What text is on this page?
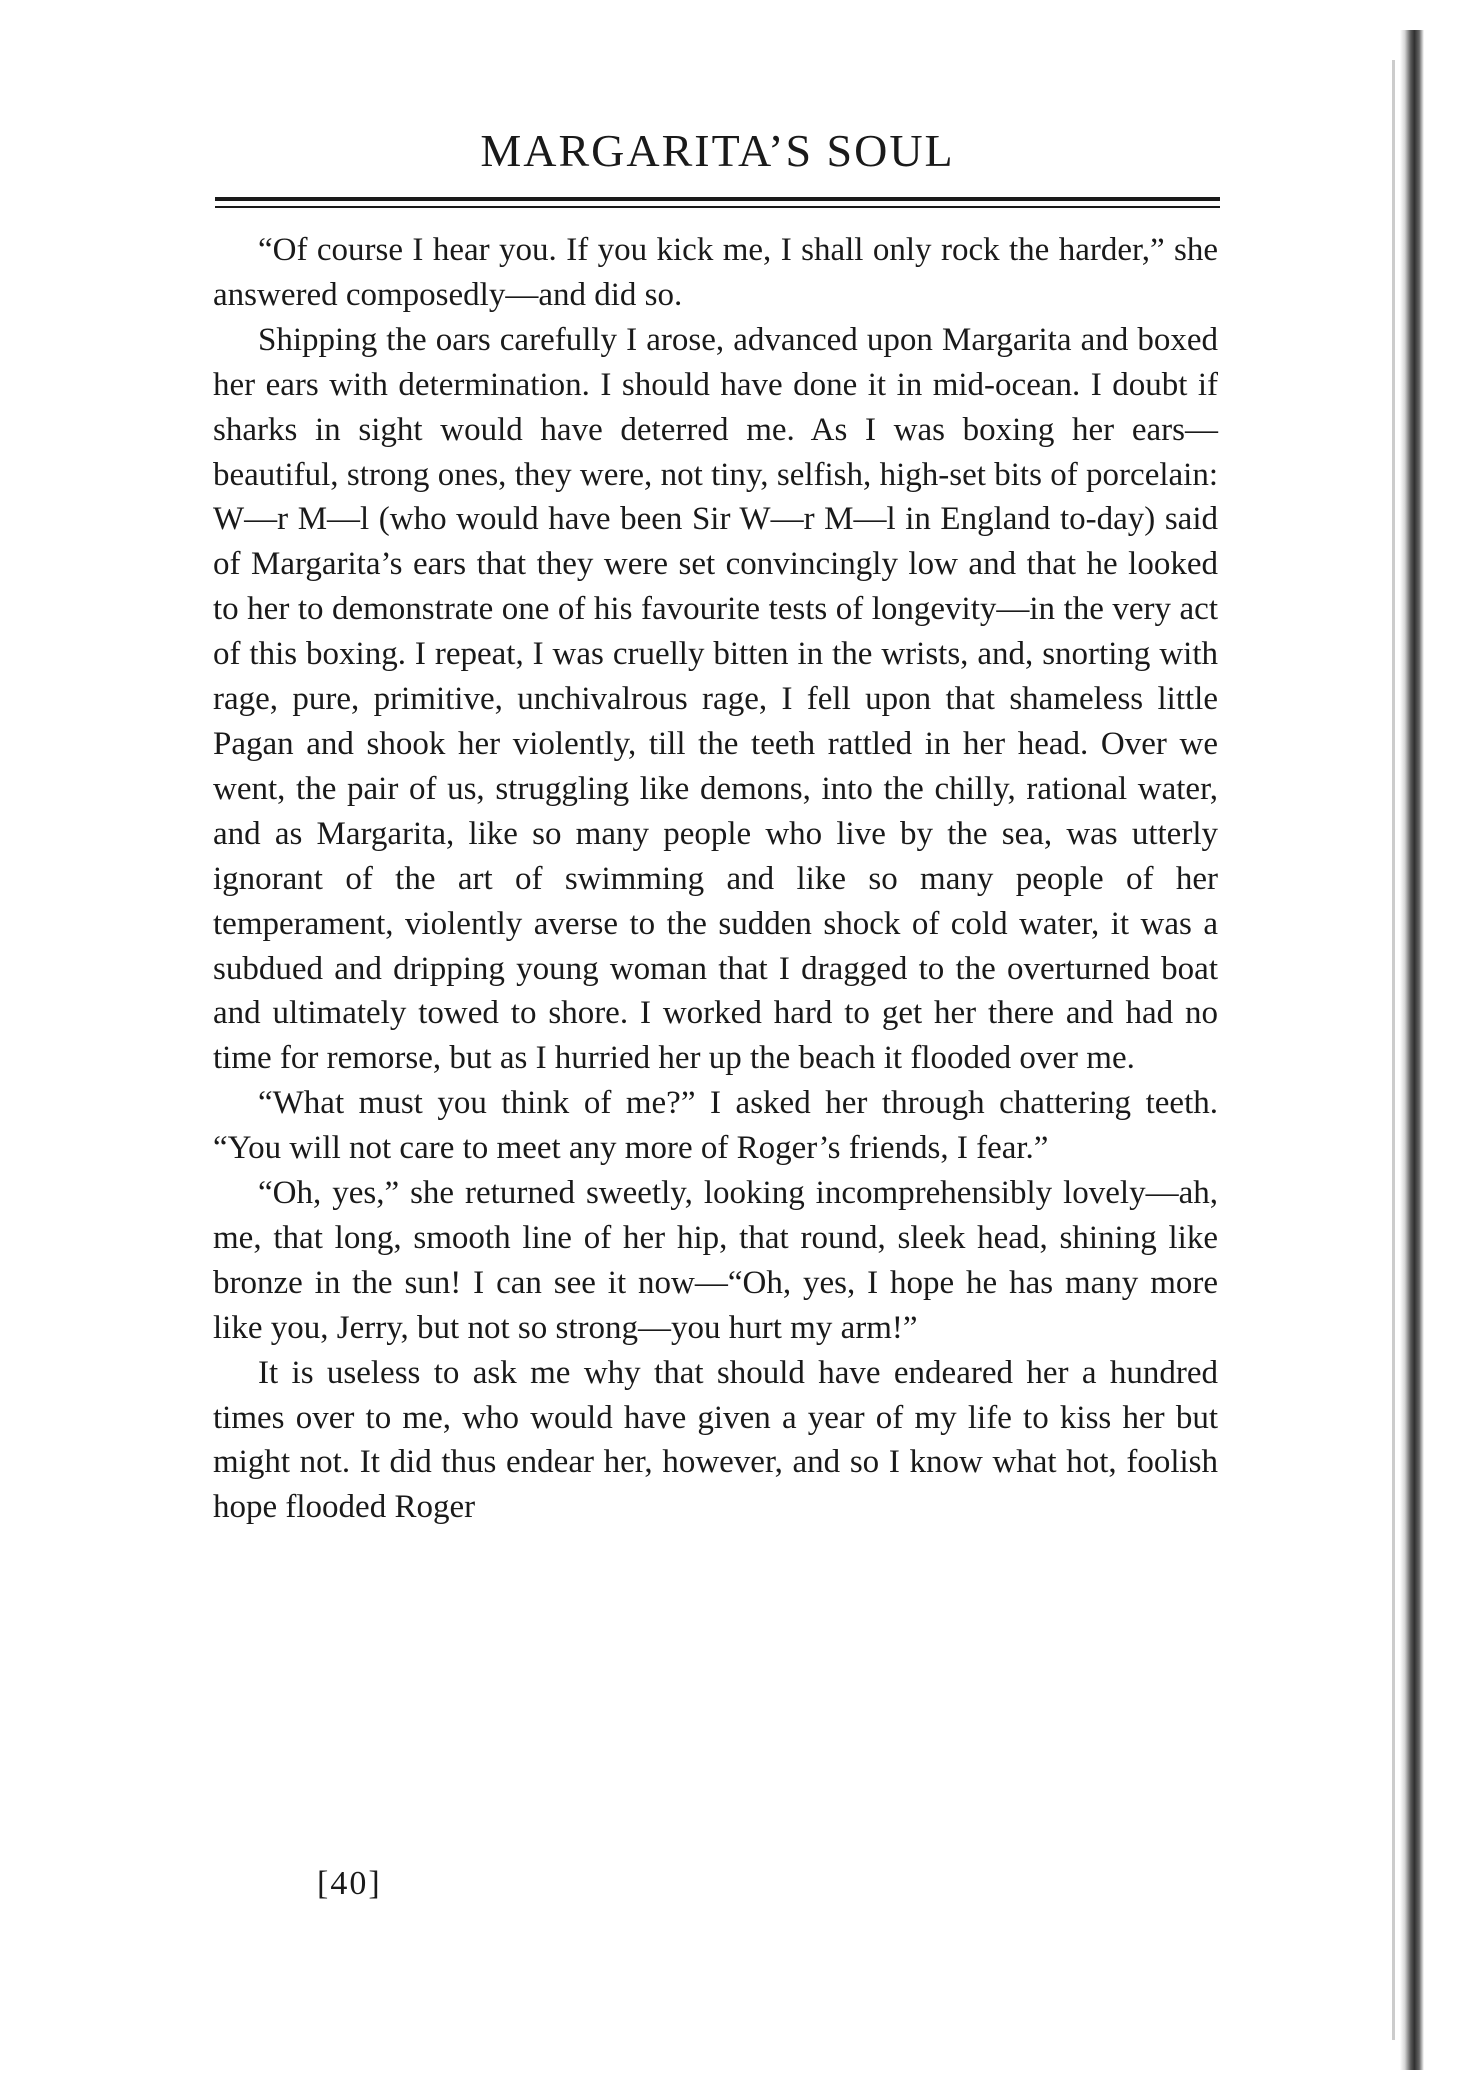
MARGARITA’S SOUL

“Of course I hear you. If you kick me, I shall only rock the harder,” she answered composedly—and did so.

Shipping the oars carefully I arose, advanced upon Margarita and boxed her ears with determination. I should have done it in mid-ocean. I doubt if sharks in sight would have deterred me. As I was boxing her ears—beautiful, strong ones, they were, not tiny, selfish, high-set bits of porcelain: W—r M—l (who would have been Sir W—r M—l in England to-day) said of Margarita’s ears that they were set convincingly low and that he looked to her to demonstrate one of his favourite tests of longevity—in the very act of this boxing. I repeat, I was cruelly bitten in the wrists, and, snorting with rage, pure, primitive, unchivalrous rage, I fell upon that shameless little Pagan and shook her violently, till the teeth rattled in her head. Over we went, the pair of us, struggling like demons, into the chilly, rational water, and as Margarita, like so many people who live by the sea, was utterly ignorant of the art of swimming and like so many people of her temperament, violently averse to the sudden shock of cold water, it was a subdued and dripping young woman that I dragged to the overturned boat and ultimately towed to shore. I worked hard to get her there and had no time for remorse, but as I hurried her up the beach it flooded over me.

“What must you think of me?” I asked her through chattering teeth. “You will not care to meet any more of Roger’s friends, I fear.”

“Oh, yes,” she returned sweetly, looking incomprehensibly lovely—ah, me, that long, smooth line of her hip, that round, sleek head, shining like bronze in the sun! I can see it now—“Oh, yes, I hope he has many more like you, Jerry, but not so strong—you hurt my arm!”

It is useless to ask me why that should have endeared her a hundred times over to me, who would have given a year of my life to kiss her but might not. It did thus endear her, however, and so I know what hot, foolish hope flooded Roger

[40]
